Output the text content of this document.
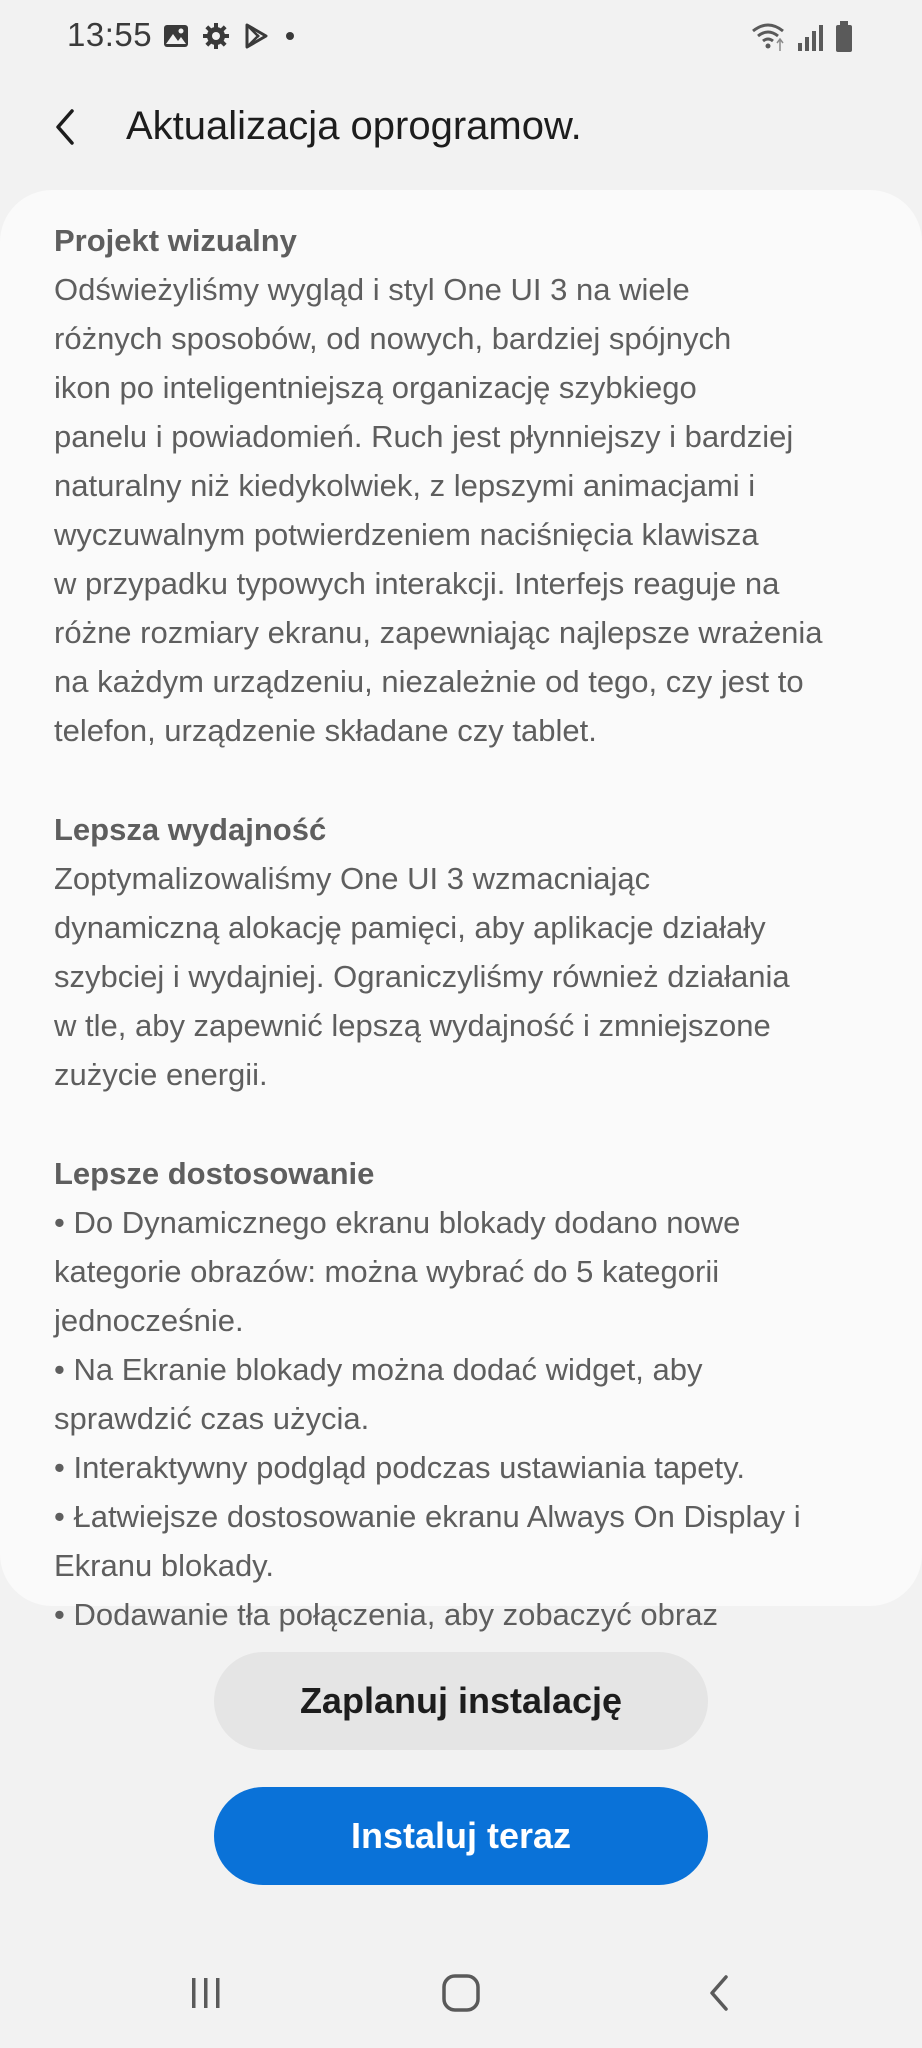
13:55
Aktualizacja oprogramow.
Projekt wizualny
Odświeżyliśmy wygląd i styl One UI 3 na wiele
różnych sposobów, od nowych, bardziej spójnych
ikon po inteligentniejszą organizację szybkiego
panelu i powiadomień. Ruch jest płynniejszy i bardziej
naturalny niż kiedykolwiek, z lepszymi animacjami i
wyczuwalnym potwierdzeniem naciśnięcia klawisza
w przypadku typowych interakcji. Interfejs reaguje na
różne rozmiary ekranu, zapewniając najlepsze wrażenia
na każdym urządzeniu, niezależnie od tego, czy jest to
telefon, urządzenie składane czy tablet.
Lepsza wydajność
Zoptymalizowaliśmy One UI 3 wzmacniając
dynamiczną alokację pamięci, aby aplikacje działały
szybciej i wydajniej. Ograniczyliśmy również działania
w tle, aby zapewnić lepszą wydajność i zmniejszone
zużycie energii.
Lepsze dostosowanie
• Do Dynamicznego ekranu blokady dodano nowe
kategorie obrazów: można wybrać do 5 kategorii
jednocześnie.
• Na Ekranie blokady można dodać widget, aby
sprawdzić czas użycia.
• Interaktywny podgląd podczas ustawiania tapety.
• Łatwiejsze dostosowanie ekranu Always On Display i
Ekranu blokady.
• Dodawanie tła połączenia, aby zobaczyć obraz
Zaplanuj instalację
Instaluj teraz
